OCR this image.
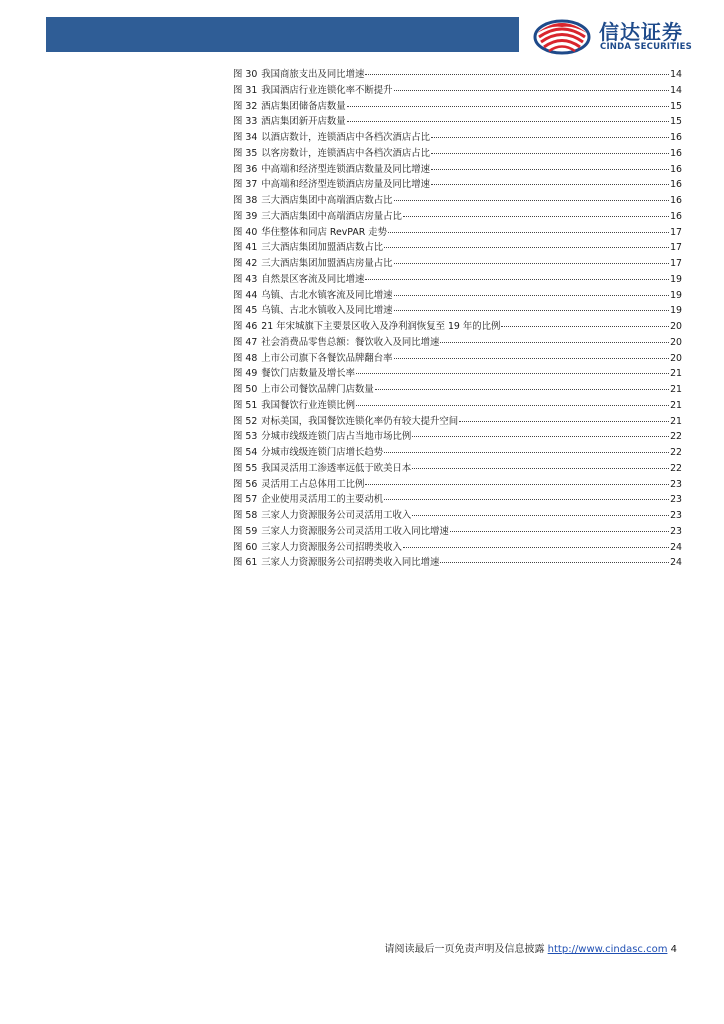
信达证券
CINDA SECURITIES
图 30 我国商旅支出及同比增速	14
图 31 我国酒店行业连锁化率不断提升	14
图 32 酒店集团储备店数量	15
图 33 酒店集团新开店数量	15
图 34 以酒店数计，连锁酒店中各档次酒店占比	16
图 35 以客房数计，连锁酒店中各档次酒店占比	16
图 36 中高端和经济型连锁酒店数量及同比增速	16
图 37 中高端和经济型连锁酒店房量及同比增速	16
图 38 三大酒店集团中高端酒店数占比	16
图 39 三大酒店集团中高端酒店房量占比	16
图 40 华住整体和同店 RevPAR 走势	17
图 41 三大酒店集团加盟酒店数占比	17
图 42 三大酒店集团加盟酒店房量占比	17
图 43 自然景区客流及同比增速	19
图 44 乌镇、古北水镇客流及同比增速	19
图 45 乌镇、古北水镇收入及同比增速	19
图 46 21 年宋城旗下主要景区收入及净利润恢复至 19 年的比例	20
图 47 社会消费品零售总额：餐饮收入及同比增速	20
图 48 上市公司旗下各餐饮品牌翻台率	20
图 49 餐饮门店数量及增长率	21
图 50 上市公司餐饮品牌门店数量	21
图 51 我国餐饮行业连锁比例	21
图 52 对标美国，我国餐饮连锁化率仍有较大提升空间	21
图 53 分城市线级连锁门店占当地市场比例	22
图 54 分城市线级连锁门店增长趋势	22
图 55 我国灵活用工渗透率远低于欧美日本	22
图 56 灵活用工占总体用工比例	23
图 57 企业使用灵活用工的主要动机	23
图 58 三家人力资源服务公司灵活用工收入	23
图 59 三家人力资源服务公司灵活用工收入同比增速	23
图 60 三家人力资源服务公司招聘类收入	24
图 61 三家人力资源服务公司招聘类收入同比增速	24
请阅读最后一页免责声明及信息披露 http://www.cindasc.com 4
